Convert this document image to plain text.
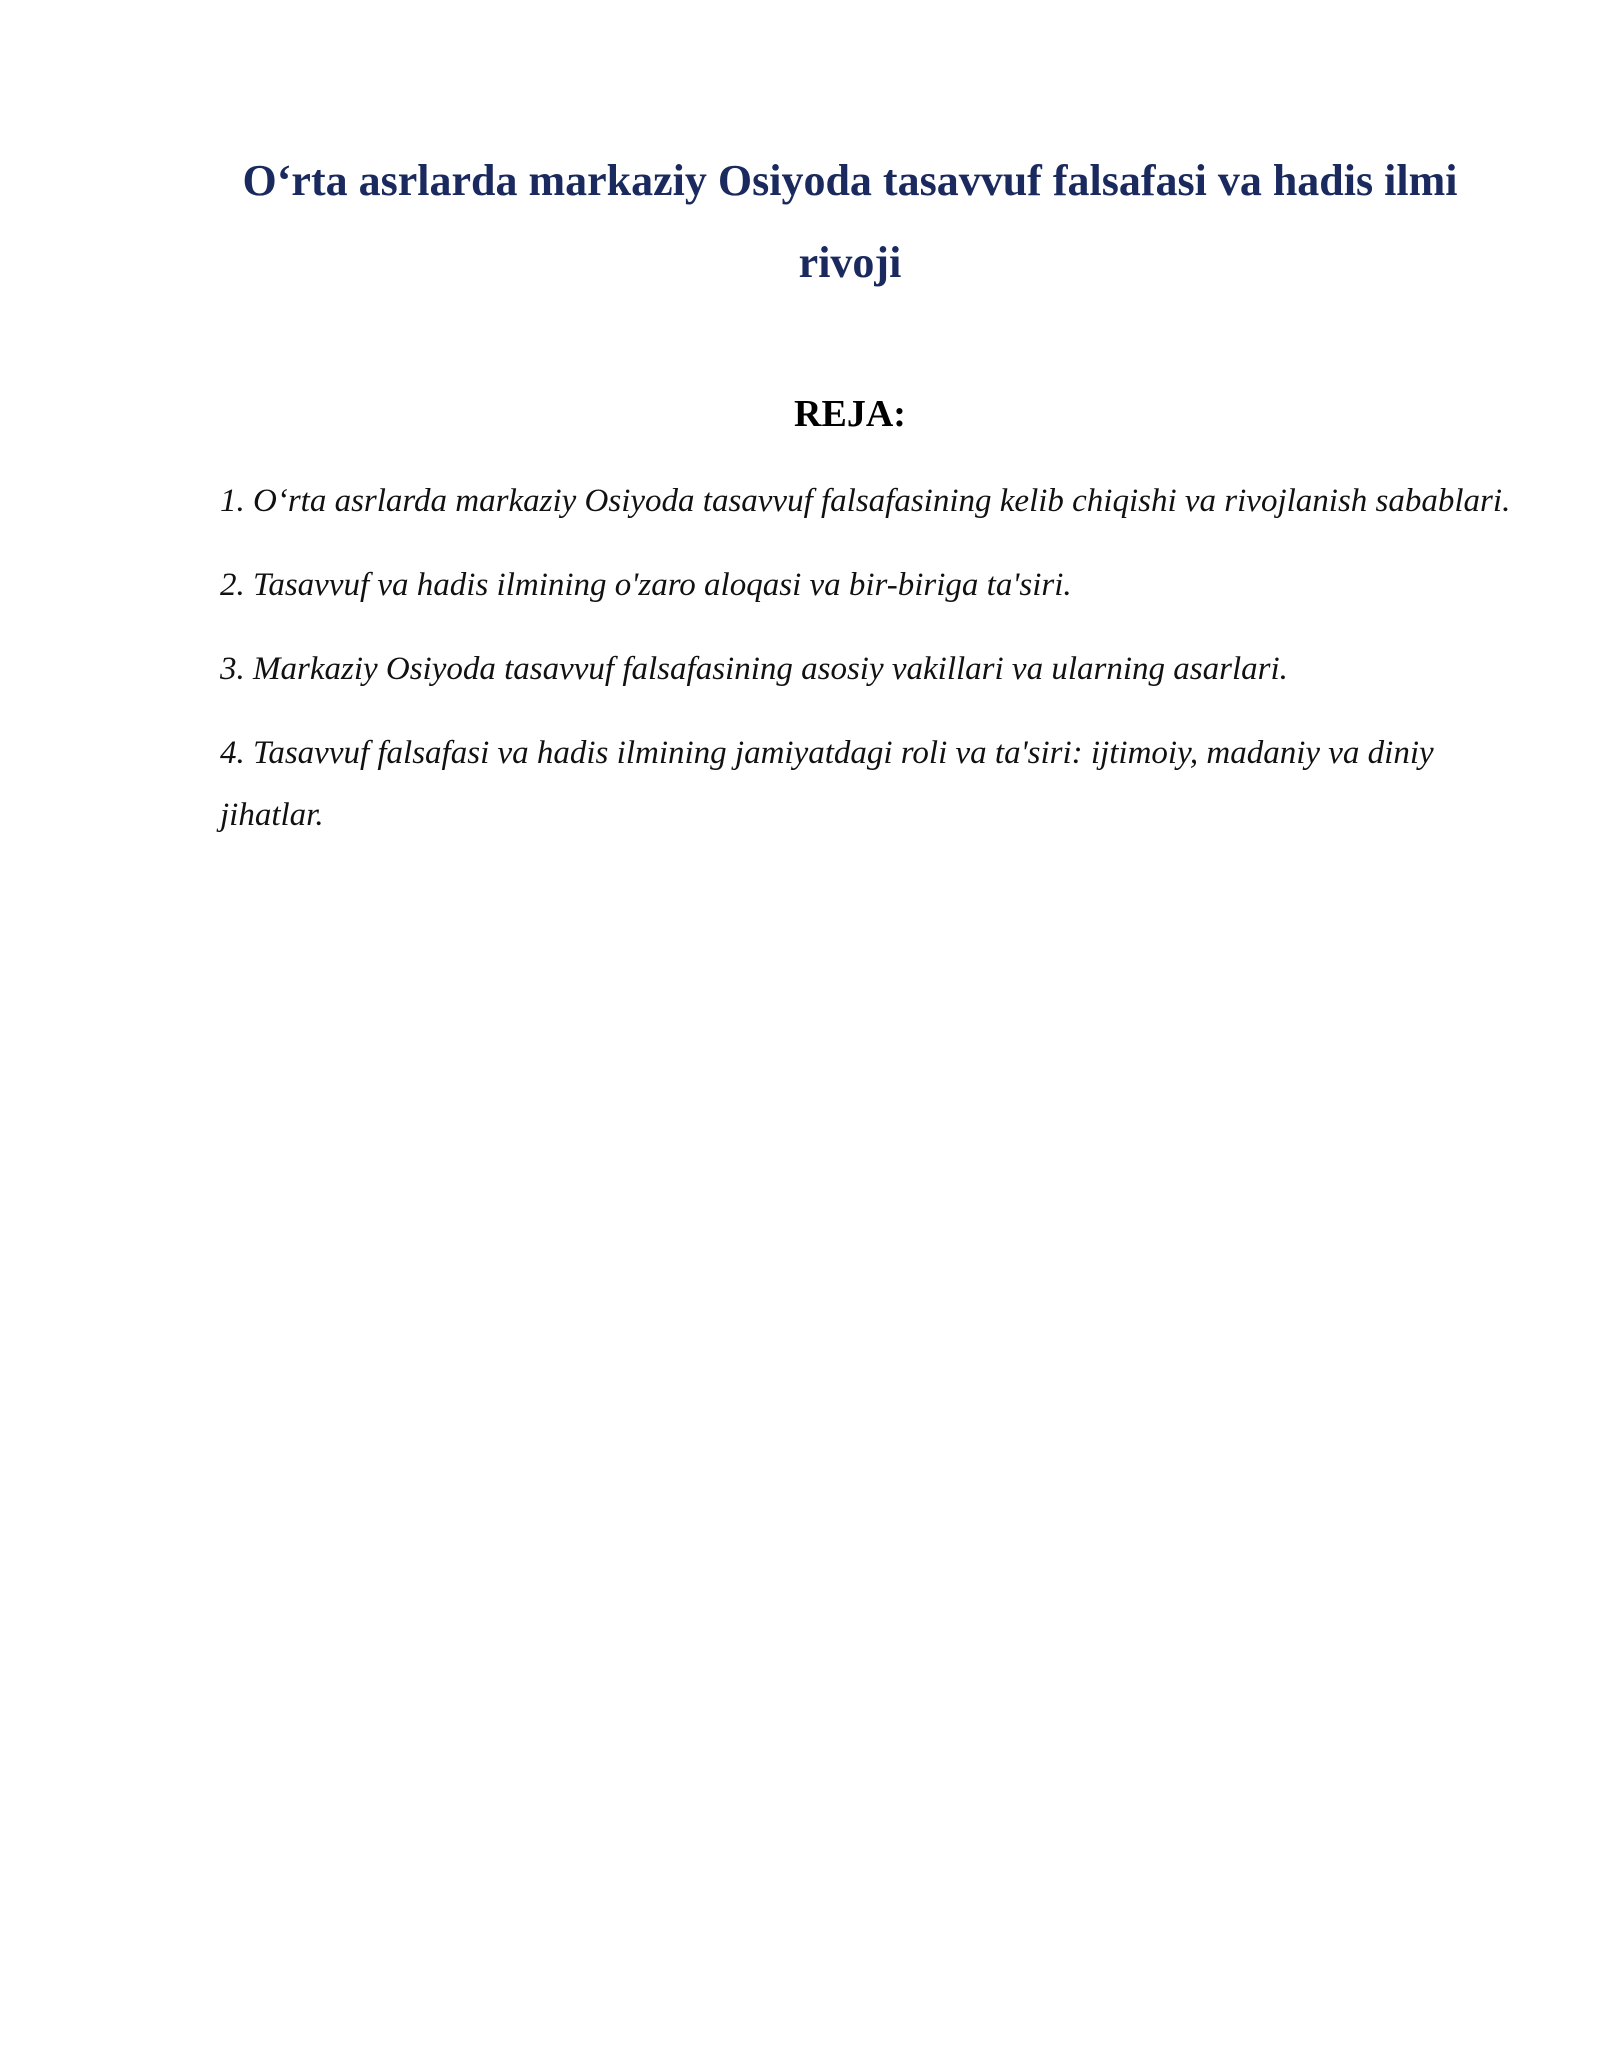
O‘rta asrlarda markaziy Osiyoda tasavvuf falsafasi va hadis ilmi rivoji
REJA:
1. O‘rta asrlarda markaziy Osiyoda tasavvuf falsafasining kelib chiqishi va rivojlanish sabablari.
2. Tasavvuf va hadis ilmining o'zaro aloqasi va bir-biriga ta'siri.
3. Markaziy Osiyoda tasavvuf falsafasining asosiy vakillari va ularning asarlari.
4. Tasavvuf falsafasi va hadis ilmining jamiyatdagi roli va ta'siri: ijtimoiy, madaniy va diniy jihatlar.
